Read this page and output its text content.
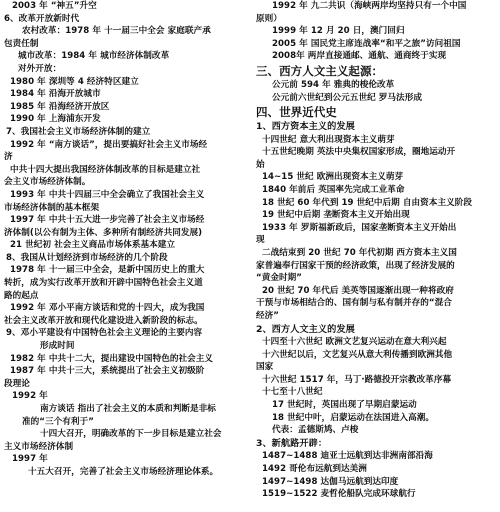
2003 年 “神五”升空
6、改革开放新时代
农村改革：1978 年 十一届三中全会 家庭联产承
包责任制
城市改革：1984 年 城市经济体制改革
对外开放：
1980 年 深圳等 4 经济特区建立
1984 年 沿海开放城市
1985 年 沿海经济开放区
1990 年 上海浦东开发
7、我国社会主义市场经济体制的建立
1992 年 “南方谈话”，提出要搞好社会主义市场经
济
中共十四大提出我国经济体制改革的目标是建立社
会主义市场经济体制。
1993 年 中共十四届三中全会确立了我国社会主义
市场经济体制的基本框架
1997 年 中共十五大进一步完善了社会主义市场经
济体制(以公有制为主体、多种所有制经济共同发展)
21 世纪初 社会主义商品市场体系基本建立
8、我国从计划经济到市场经济的几个阶段
1978 年 十一届三中全会，是新中国历史上的重大
转折，成为实行改革开放和开辟中国特色社会主义道
路的起点
1992 年 邓小平南方谈话和党的十四大，成为我国
社会主义改革开放和现代化建设进入新阶段的标志。
9、邓小平建设有中国特色社会主义理论的主要内容
形成时间
1982 年 中共十二大，提出建设中国特色的社会主义
1987 年 中共十三大，系统提出了社会主义初级阶
段理论
1992 年
南方谈话 指出了社会主义的本质和判断是非标
准的“三个有利于”
十四大召开，明确改革的下一步目标是建立社会
主义市场经济体制
1997 年
十五大召开，完善了社会主义市场经济理论体系。
1992 年 九二共识（海峡两岸均坚持只有一个中国
原则）
1999 年 12 月 20 日，澳门回归
2005 年 国民党主席连战率“和平之旅”访问祖国
2008年 两岸直接通邮、通航、通商终于实现
三、西方人文主义起源：
公元前 594 年 雅典的梭伦改革
公元前六世纪到公元五世纪 罗马法形成
四、世界近代史
1、西方资本主义的发展
十四世纪 意大利出现资本主义萌芽
十五世纪晚期 英法中央集权国家形成，圈地运动开
始
14~15 世纪 欧洲出现资本主义萌芽
1840 年前后 英国率先完成工业革命
18 世纪 60 年代到 19 世纪中后期 自由资本主义阶段
19 世纪中后期 垄断资本主义开始出现
1933 年 罗斯福新政后，国家垄断资本主义开始出
现
二战结束到 20 世纪 70 年代初期 西方资本主义国
家普遍奉行国家干预的经济政策，出现了经济发展的
“黄金时期”
20 世纪 70 年代后 美英等国逐渐出现一种将政府
干预与市场相结合的、国有制与私有制并存的“混合
经济”
2、西方人文主义的发展
十四至十六世纪 欧洲文艺复兴运动在意大利兴起
十六世纪以后，文艺复兴从意大利传播到欧洲其他
国家
十六世纪 1517 年，马丁·路德投开宗教改革序幕
十七至十八世纪
17 世纪时，英国出现了早期启蒙运动
18 世纪中叶，启蒙运动在法国进入高潮。
代表：孟德斯鸠、卢梭
3、新航路开辟：
1487~1488 迪亚士远航到达非洲南部沿海
1492 哥伦布远航到达美洲
1497~1498 达伽马远航到达印度
1519~1522 麦哲伦船队完成环球航行
